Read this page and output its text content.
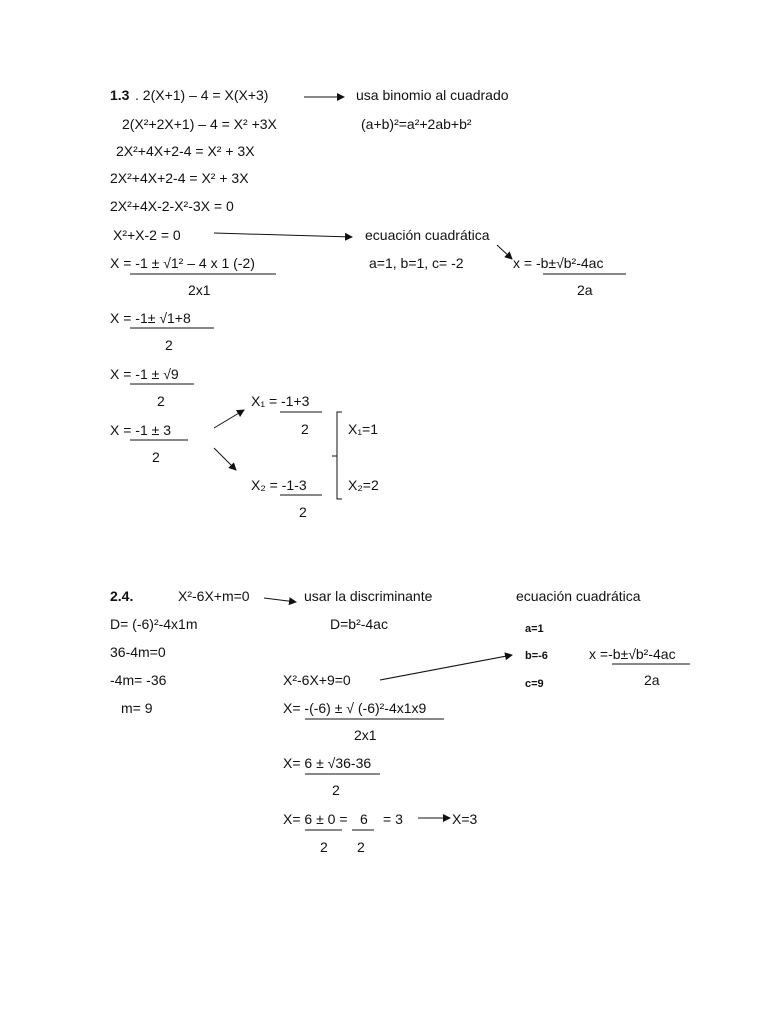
1.3 . 2(X+1) – 4 = X(X+3)	usa binomio al cuadrado
2(X²+2X+1) – 4 = X² +3X	(a+b)²=a²+2ab+b²
2X²+4X+2-4 = X² + 3X
2X²+4X+2-4 = X² + 3X
2X²+4X-2-X²-3X = 0
X²+X-2 = 0	ecuación cuadrática
X = -1 ± √1² – 4 x 1 (-2)
2x1
a=1, b=1, c= -2	x = -b±√b²-4ac
2a
X = -1± √1+8
2
X = -1 ± √9
2
X = -1 ± 3
2
X₁ = -1+3
2
X₂ = -1-3
2
X₁=1
X₂=2
2.4.	X²-6X+m=0	usar la discriminante	ecuación cuadrática
D= (-6)²-4x1m	D=b²-4ac	a=1
b=-6
c=9
x =-b±√b²-4ac
2a
36-4m=0
-4m= -36
m= 9
X²-6X+9=0
X= -(-6) ± √ (-6)²-4x1x9
2x1
X= 6 ± √36-36
2
X= 6 ± 0 = 6 = 3	X=3
2 2
